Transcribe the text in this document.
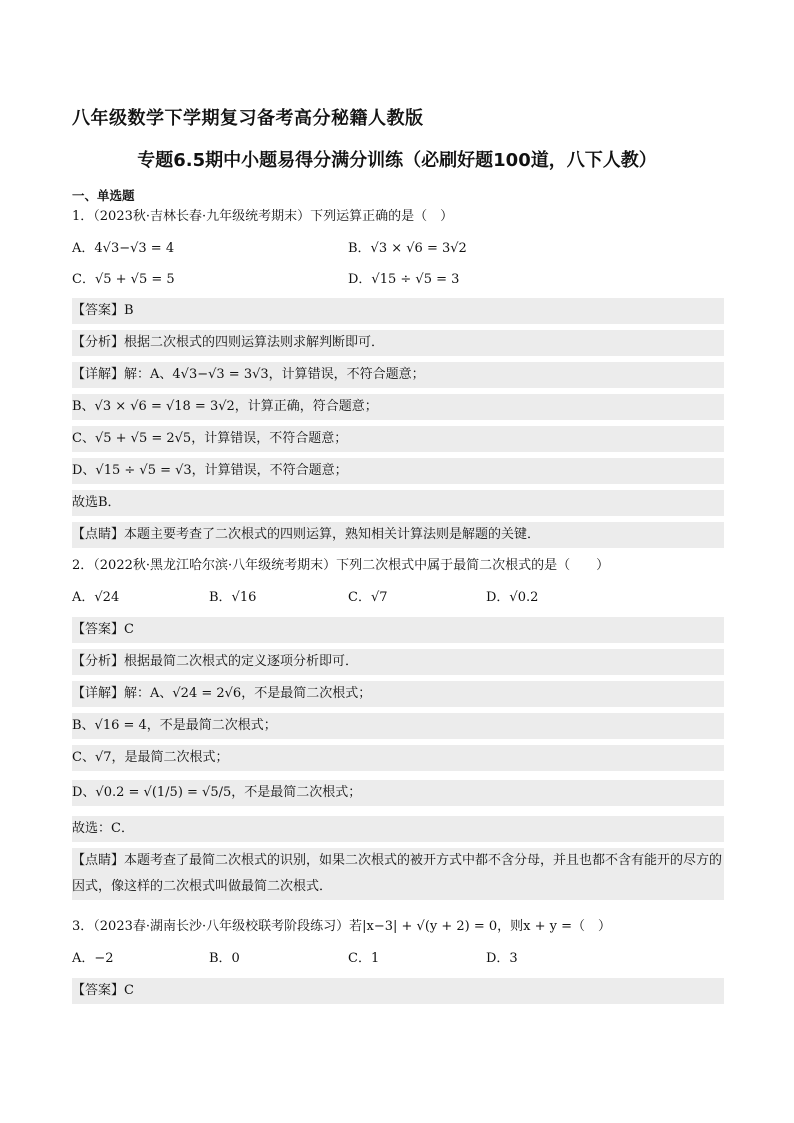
八年级数学下学期复习备考高分秘籍人教版
专题6.5期中小题易得分满分训练（必刷好题100道，八下人教）
一、单选题
1．（2023秋·吉林长春·九年级统考期末）下列运算正确的是（　）
A．4√3−√3 = 4	B．√3 × √6 = 3√2
C．√5 + √5 = 5	D．√15 ÷ √5 = 3
【答案】B
【分析】根据二次根式的四则运算法则求解判断即可．
【详解】解：A、4√3−√3 = 3√3，计算错误，不符合题意；
B、√3 × √6 = √18 = 3√2，计算正确，符合题意；
C、√5 + √5 = 2√5，计算错误，不符合题意；
D、√15 ÷ √5 = √3，计算错误，不符合题意；
故选B．
【点睛】本题主要考查了二次根式的四则运算，熟知相关计算法则是解题的关键．
2．（2022秋·黑龙江哈尔滨·八年级统考期末）下列二次根式中属于最简二次根式的是（　　）
A．√24	B．√16	C．√7	D．√0.2
【答案】C
【分析】根据最简二次根式的定义逐项分析即可．
【详解】解：A、√24 = 2√6，不是最简二次根式；
B、√16 = 4，不是最简二次根式；
C、√7，是最简二次根式；
D、√0.2 = √(1/5) = √5/5，不是最简二次根式；
故选：C．
【点睛】本题考查了最简二次根式的识别，如果二次根式的被开方式中都不含分母，并且也都不含有能开的尽方的因式，像这样的二次根式叫做最简二次根式．
3．（2023春·湖南长沙·八年级校联考阶段练习）若|x−3| + √(y + 2) = 0，则x + y =（　）
A．−2	B．0	C．1	D．3
【答案】C
